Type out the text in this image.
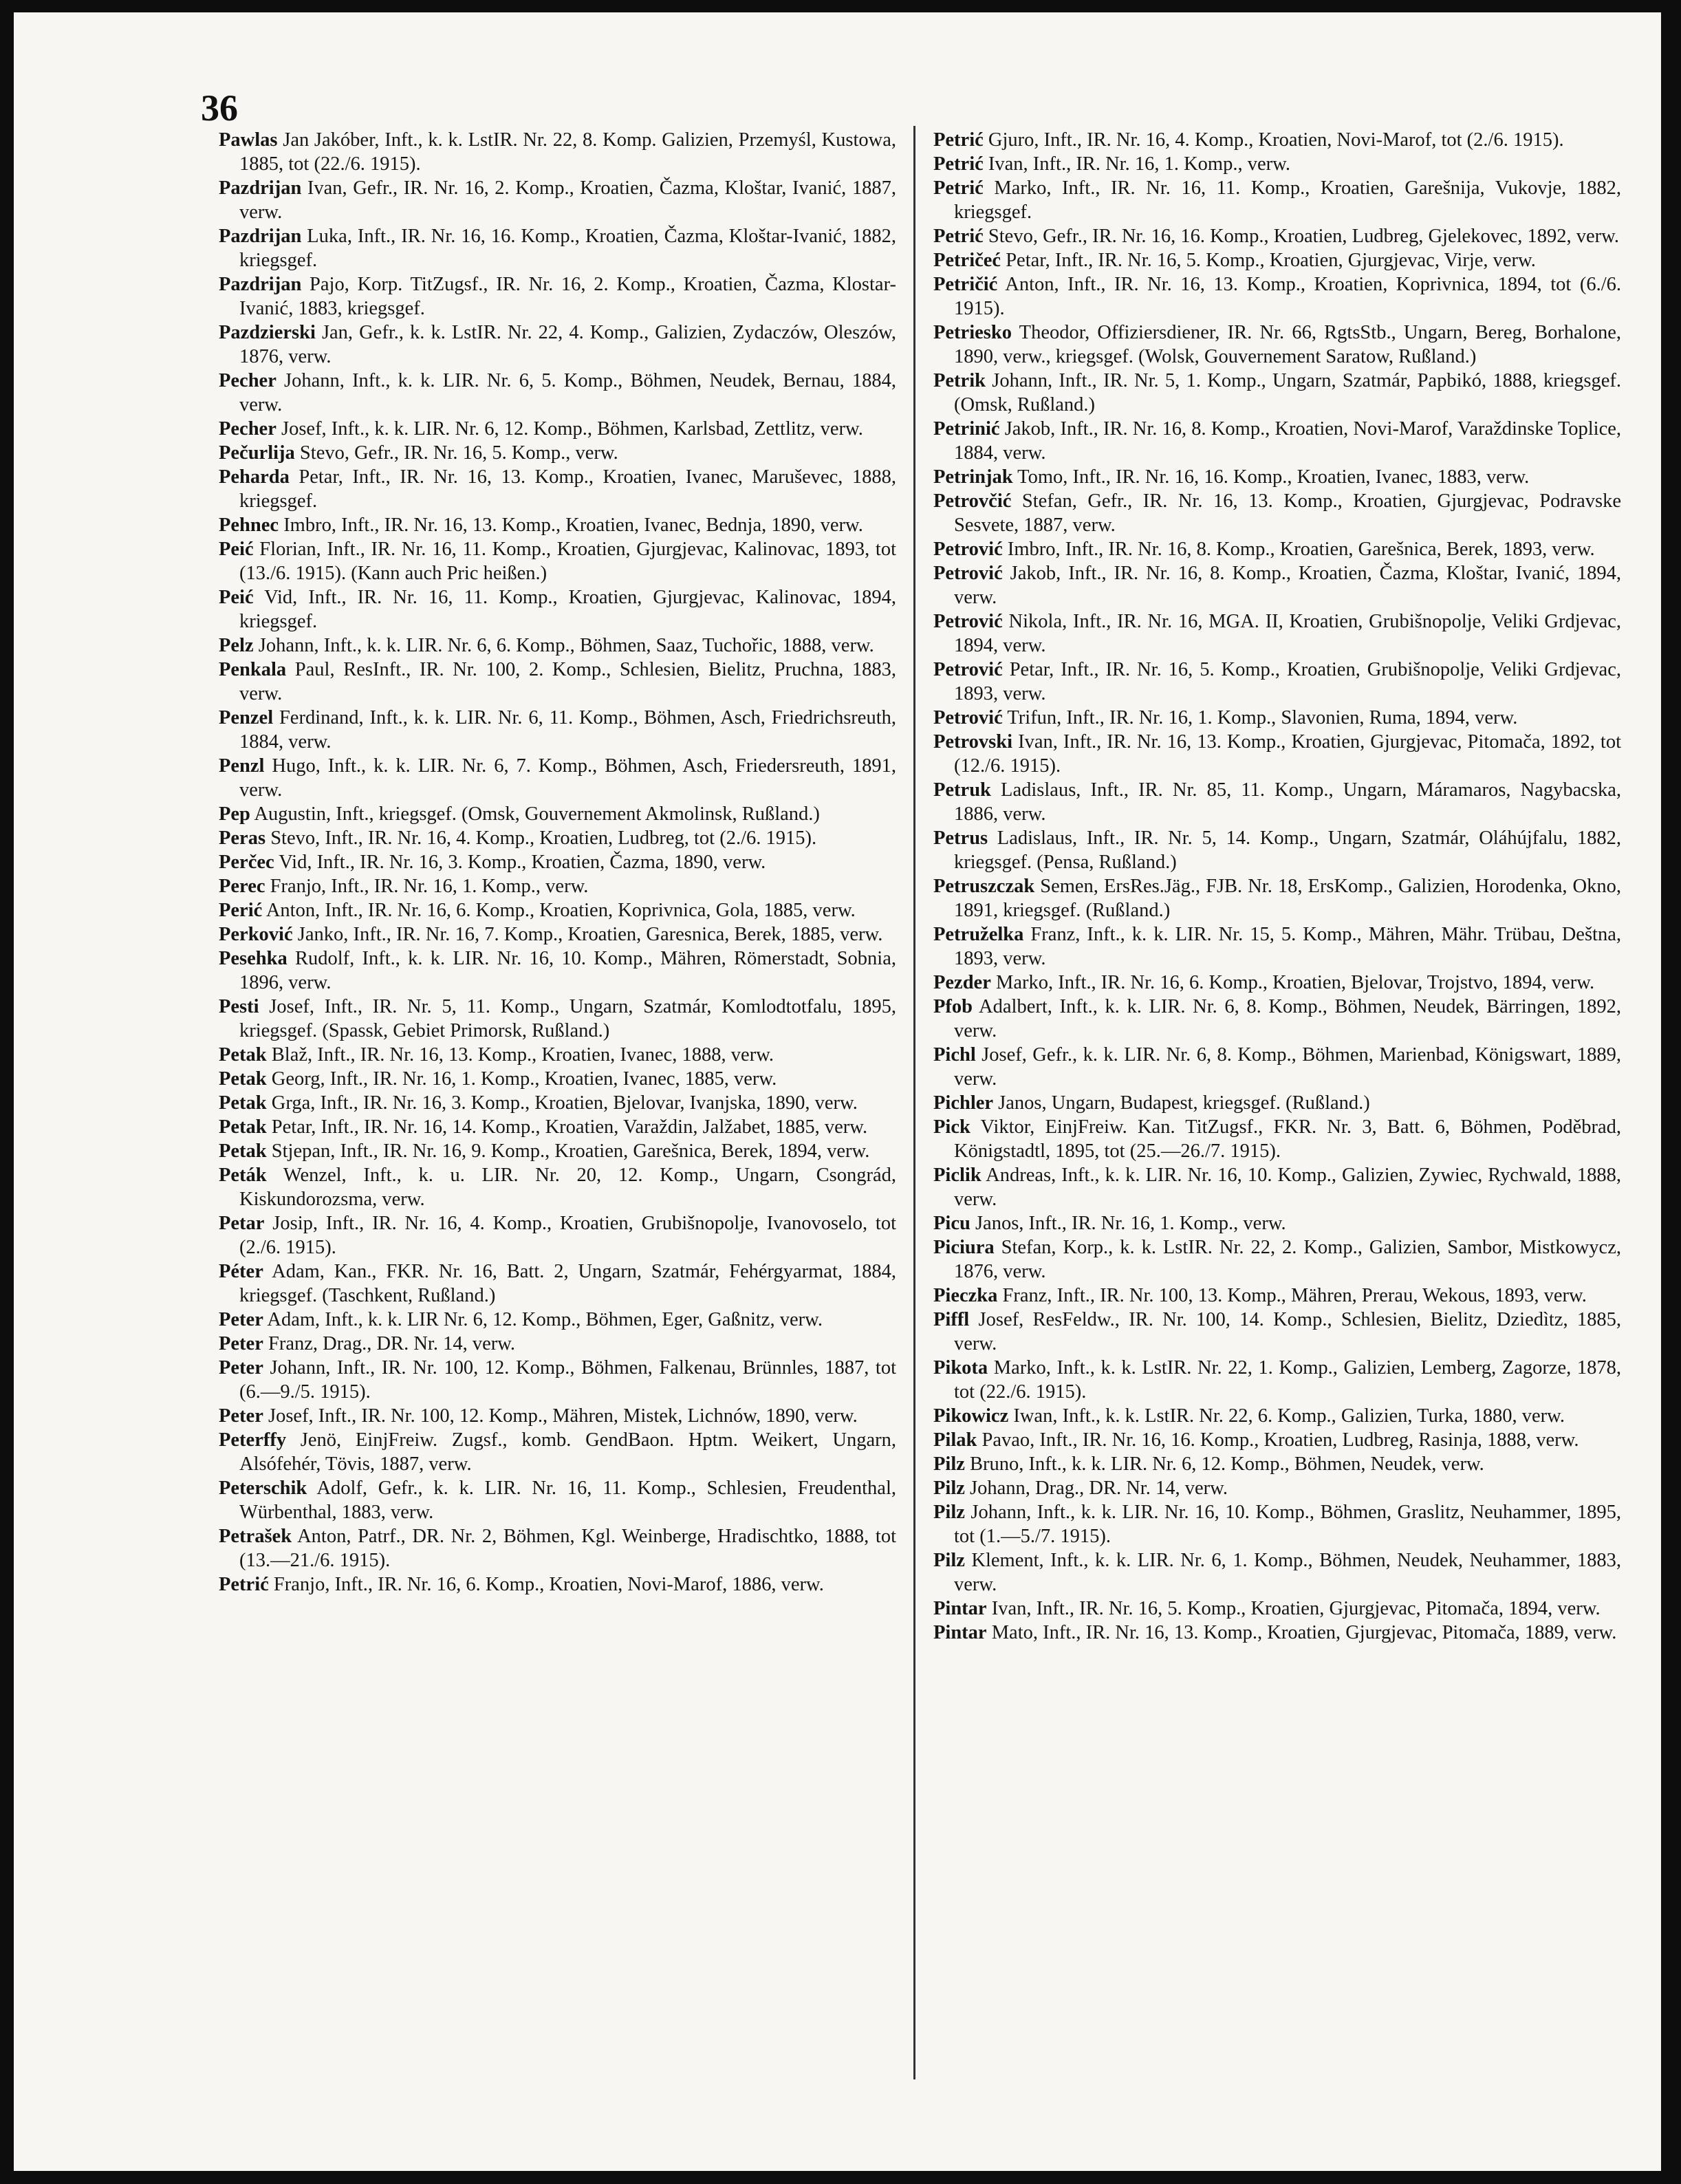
36
Pawlas Jan Jakóber, Inft., k. k. LstIR. Nr. 22, 8. Komp. Galizien, Przemyśl, Kustowa, 1885, tot (22./6. 1915).
Pazdrijan Ivan, Gefr., IR. Nr. 16, 2. Komp., Kroatien, Čazma, Kloštar, Ivanić, 1887, verw.
Pazdrijan Luka, Inft., IR. Nr. 16, 16. Komp., Kroatien, Čazma, Kloštar-Ivanić, 1882, kriegsgef.
Pazdrijan Pajo, Korp. TitZugsf., IR. Nr. 16, 2. Komp., Kroatien, Čazma, Klostar-Ivanić, 1883, kriegsgef.
Pazdzierski Jan, Gefr., k. k. LstIR. Nr. 22, 4. Komp., Galizien, Zydaczów, Oleszów, 1876, verw.
Pecher Johann, Inft., k. k. LIR. Nr. 6, 5. Komp., Böhmen, Neudek, Bernau, 1884, verw.
Pecher Josef, Inft., k. k. LIR. Nr. 6, 12. Komp., Böhmen, Karlsbad, Zettlitz, verw.
Pečurlija Stevo, Gefr., IR. Nr. 16, 5. Komp., verw.
Peharda Petar, Inft., IR. Nr. 16, 13. Komp., Kroatien, Ivanec, Maruševec, 1888, kriegsgef.
Pehnec Imbro, Inft., IR. Nr. 16, 13. Komp., Kroatien, Ivanec, Bednja, 1890, verw.
Peić Florian, Inft., IR. Nr. 16, 11. Komp., Kroatien, Gjurgjevac, Kalinovac, 1893, tot (13./6. 1915). (Kann auch Pric heißen.)
Peić Vid, Inft., IR. Nr. 16, 11. Komp., Kroatien, Gjurgjevac, Kalinovac, 1894, kriegsgef.
Pelz Johann, Inft., k. k. LIR. Nr. 6, 6. Komp., Böhmen, Saaz, Tuchořic, 1888, verw.
Penkala Paul, ResInft., IR. Nr. 100, 2. Komp., Schlesien, Bielitz, Pruchna, 1883, verw.
Penzel Ferdinand, Inft., k. k. LIR. Nr. 6, 11. Komp., Böhmen, Asch, Friedrichsreuth, 1884, verw.
Penzl Hugo, Inft., k. k. LIR. Nr. 6, 7. Komp., Böhmen, Asch, Friedersreuth, 1891, verw.
Pep Augustin, Inft., kriegsgef. (Omsk, Gouvernement Akmolinsk, Rußland.)
Peras Stevo, Inft., IR. Nr. 16, 4. Komp., Kroatien, Ludbreg, tot (2./6. 1915).
Perčec Vid, Inft., IR. Nr. 16, 3. Komp., Kroatien, Čazma, 1890, verw.
Perec Franjo, Inft., IR. Nr. 16, 1. Komp., verw.
Perić Anton, Inft., IR. Nr. 16, 6. Komp., Kroatien, Koprivnica, Gola, 1885, verw.
Perković Janko, Inft., IR. Nr. 16, 7. Komp., Kroatien, Garesnica, Berek, 1885, verw.
Pesehka Rudolf, Inft., k. k. LIR. Nr. 16, 10. Komp., Mähren, Römerstadt, Sobnia, 1896, verw.
Pesti Josef, Inft., IR. Nr. 5, 11. Komp., Ungarn, Szatmár, Komlodtotfalu, 1895, kriegsgef. (Spassk, Gebiet Primorsk, Rußland.)
Petak Blaž, Inft., IR. Nr. 16, 13. Komp., Kroatien, Ivanec, 1888, verw.
Petak Georg, Inft., IR. Nr. 16, 1. Komp., Kroatien, Ivanec, 1885, verw.
Petak Grga, Inft., IR. Nr. 16, 3. Komp., Kroatien, Bjelovar, Ivanjska, 1890, verw.
Petak Petar, Inft., IR. Nr. 16, 14. Komp., Kroatien, Varaždin, Jalžabet, 1885, verw.
Petak Stjepan, Inft., IR. Nr. 16, 9. Komp., Kroatien, Garešnica, Berek, 1894, verw.
Peták Wenzel, Inft., k. u. LIR. Nr. 20, 12. Komp., Ungarn, Csongrád, Kiskundorozsma, verw.
Petar Josip, Inft., IR. Nr. 16, 4. Komp., Kroatien, Grubišnopolje, Ivanovoselo, tot (2./6. 1915).
Péter Adam, Kan., FKR. Nr. 16, Batt. 2, Ungarn, Szatmár, Fehérgyarmat, 1884, kriegsgef. (Taschkent, Rußland.)
Peter Adam, Inft., k. k. LIR Nr. 6, 12. Komp., Böhmen, Eger, Gaßnitz, verw.
Peter Franz, Drag., DR. Nr. 14, verw.
Peter Johann, Inft., IR. Nr. 100, 12. Komp., Böhmen, Falkenau, Brünnles, 1887, tot (6.—9./5. 1915).
Peter Josef, Inft., IR. Nr. 100, 12. Komp., Mähren, Mistek, Lichnów, 1890, verw.
Peterffy Jenö, EinjFreiw. Zugsf., komb. GendBaon. Hptm. Weikert, Ungarn, Alsófehér, Tövis, 1887, verw.
Peterschik Adolf, Gefr., k. k. LIR. Nr. 16, 11. Komp., Schlesien, Freudenthal, Würbenthal, 1883, verw.
Petrašek Anton, Patrf., DR. Nr. 2, Böhmen, Kgl. Weinberge, Hradischtko, 1888, tot (13.—21./6. 1915).
Petrić Franjo, Inft., IR. Nr. 16, 6. Komp., Kroatien, Novi-Marof, 1886, verw.
Petrić Gjuro, Inft., IR. Nr. 16, 4. Komp., Kroatien, Novi-Marof, tot (2./6. 1915).
Petrić Ivan, Inft., IR. Nr. 16, 1. Komp., verw.
Petrić Marko, Inft., IR. Nr. 16, 11. Komp., Kroatien, Garešnija, Vukovje, 1882, kriegsgef.
Petrić Stevo, Gefr., IR. Nr. 16, 16. Komp., Kroatien, Ludbreg, Gjelekovec, 1892, verw.
Petričeć Petar, Inft., IR. Nr. 16, 5. Komp., Kroatien, Gjurgjevac, Virje, verw.
Petričić Anton, Inft., IR. Nr. 16, 13. Komp., Kroatien, Koprivnica, 1894, tot (6./6. 1915).
Petriesko Theodor, Offiziersdiener, IR. Nr. 66, RgtsStb., Ungarn, Bereg, Borhalone, 1890, verw., kriegsgef. (Wolsk, Gouvernement Saratow, Rußland.)
Petrik Johann, Inft., IR. Nr. 5, 1. Komp., Ungarn, Szatmár, Papbikó, 1888, kriegsgef. (Omsk, Rußland.)
Petrinić Jakob, Inft., IR. Nr. 16, 8. Komp., Kroatien, Novi-Marof, Varaždinske Toplice, 1884, verw.
Petrinjak Tomo, Inft., IR. Nr. 16, 16. Komp., Kroatien, Ivanec, 1883, verw.
Petrovčić Stefan, Gefr., IR. Nr. 16, 13. Komp., Kroatien, Gjurgjevac, Podravske Sesvete, 1887, verw.
Petrović Imbro, Inft., IR. Nr. 16, 8. Komp., Kroatien, Garešnica, Berek, 1893, verw.
Petrović Jakob, Inft., IR. Nr. 16, 8. Komp., Kroatien, Čazma, Kloštar, Ivanić, 1894, verw.
Petrović Nikola, Inft., IR. Nr. 16, MGA. II, Kroatien, Grubišnopolje, Veliki Grdjevac, 1894, verw.
Petrović Petar, Inft., IR. Nr. 16, 5. Komp., Kroatien, Grubišnopolje, Veliki Grdjevac, 1893, verw.
Petrović Trifun, Inft., IR. Nr. 16, 1. Komp., Slavonien, Ruma, 1894, verw.
Petrovski Ivan, Inft., IR. Nr. 16, 13. Komp., Kroatien, Gjurgjevac, Pitomača, 1892, tot (12./6. 1915).
Petruk Ladislaus, Inft., IR. Nr. 85, 11. Komp., Ungarn, Máramaros, Nagybacska, 1886, verw.
Petrus Ladislaus, Inft., IR. Nr. 5, 14. Komp., Ungarn, Szatmár, Oláhújfalu, 1882, kriegsgef. (Pensa, Rußland.)
Petruszczak Semen, ErsRes.Jäg., FJB. Nr. 18, ErsKomp., Galizien, Horodenka, Okno, 1891, kriegsgef. (Rußland.)
Petruželka Franz, Inft., k. k. LIR. Nr. 15, 5. Komp., Mähren, Mähr. Trübau, Deštna, 1893, verw.
Pezder Marko, Inft., IR. Nr. 16, 6. Komp., Kroatien, Bjelovar, Trojstvo, 1894, verw.
Pfob Adalbert, Inft., k. k. LIR. Nr. 6, 8. Komp., Böhmen, Neudek, Bärringen, 1892, verw.
Pichl Josef, Gefr., k. k. LIR. Nr. 6, 8. Komp., Böhmen, Marienbad, Königswart, 1889, verw.
Pichler Janos, Ungarn, Budapest, kriegsgef. (Rußland.)
Pick Viktor, EinjFreiw. Kan. TitZugsf., FKR. Nr. 3, Batt. 6, Böhmen, Poděbrad, Königstadtl, 1895, tot (25.—26./7. 1915).
Piclik Andreas, Inft., k. k. LIR. Nr. 16, 10. Komp., Galizien, Zywiec, Rychwald, 1888, verw.
Picu Janos, Inft., IR. Nr. 16, 1. Komp., verw.
Piciura Stefan, Korp., k. k. LstIR. Nr. 22, 2. Komp., Galizien, Sambor, Mistkowycz, 1876, verw.
Pieczka Franz, Inft., IR. Nr. 100, 13. Komp., Mähren, Prerau, Wekous, 1893, verw.
Piffl Josef, ResFeldw., IR. Nr. 100, 14. Komp., Schlesien, Bielitz, Dziedìtz, 1885, verw.
Pikota Marko, Inft., k. k. LstIR. Nr. 22, 1. Komp., Galizien, Lemberg, Zagorze, 1878, tot (22./6. 1915).
Pikowicz Iwan, Inft., k. k. LstIR. Nr. 22, 6. Komp., Galizien, Turka, 1880, verw.
Pilak Pavao, Inft., IR. Nr. 16, 16. Komp., Kroatien, Ludbreg, Rasinja, 1888, verw.
Pilz Bruno, Inft., k. k. LIR. Nr. 6, 12. Komp., Böhmen, Neudek, verw.
Pilz Johann, Drag., DR. Nr. 14, verw.
Pilz Johann, Inft., k. k. LIR. Nr. 16, 10. Komp., Böhmen, Graslitz, Neuhammer, 1895, tot (1.—5./7. 1915).
Pilz Klement, Inft., k. k. LIR. Nr. 6, 1. Komp., Böhmen, Neudek, Neuhammer, 1883, verw.
Pintar Ivan, Inft., IR. Nr. 16, 5. Komp., Kroatien, Gjurgjevac, Pitomača, 1894, verw.
Pintar Mato, Inft., IR. Nr. 16, 13. Komp., Kroatien, Gjurgjevac, Pitomača, 1889, verw.
